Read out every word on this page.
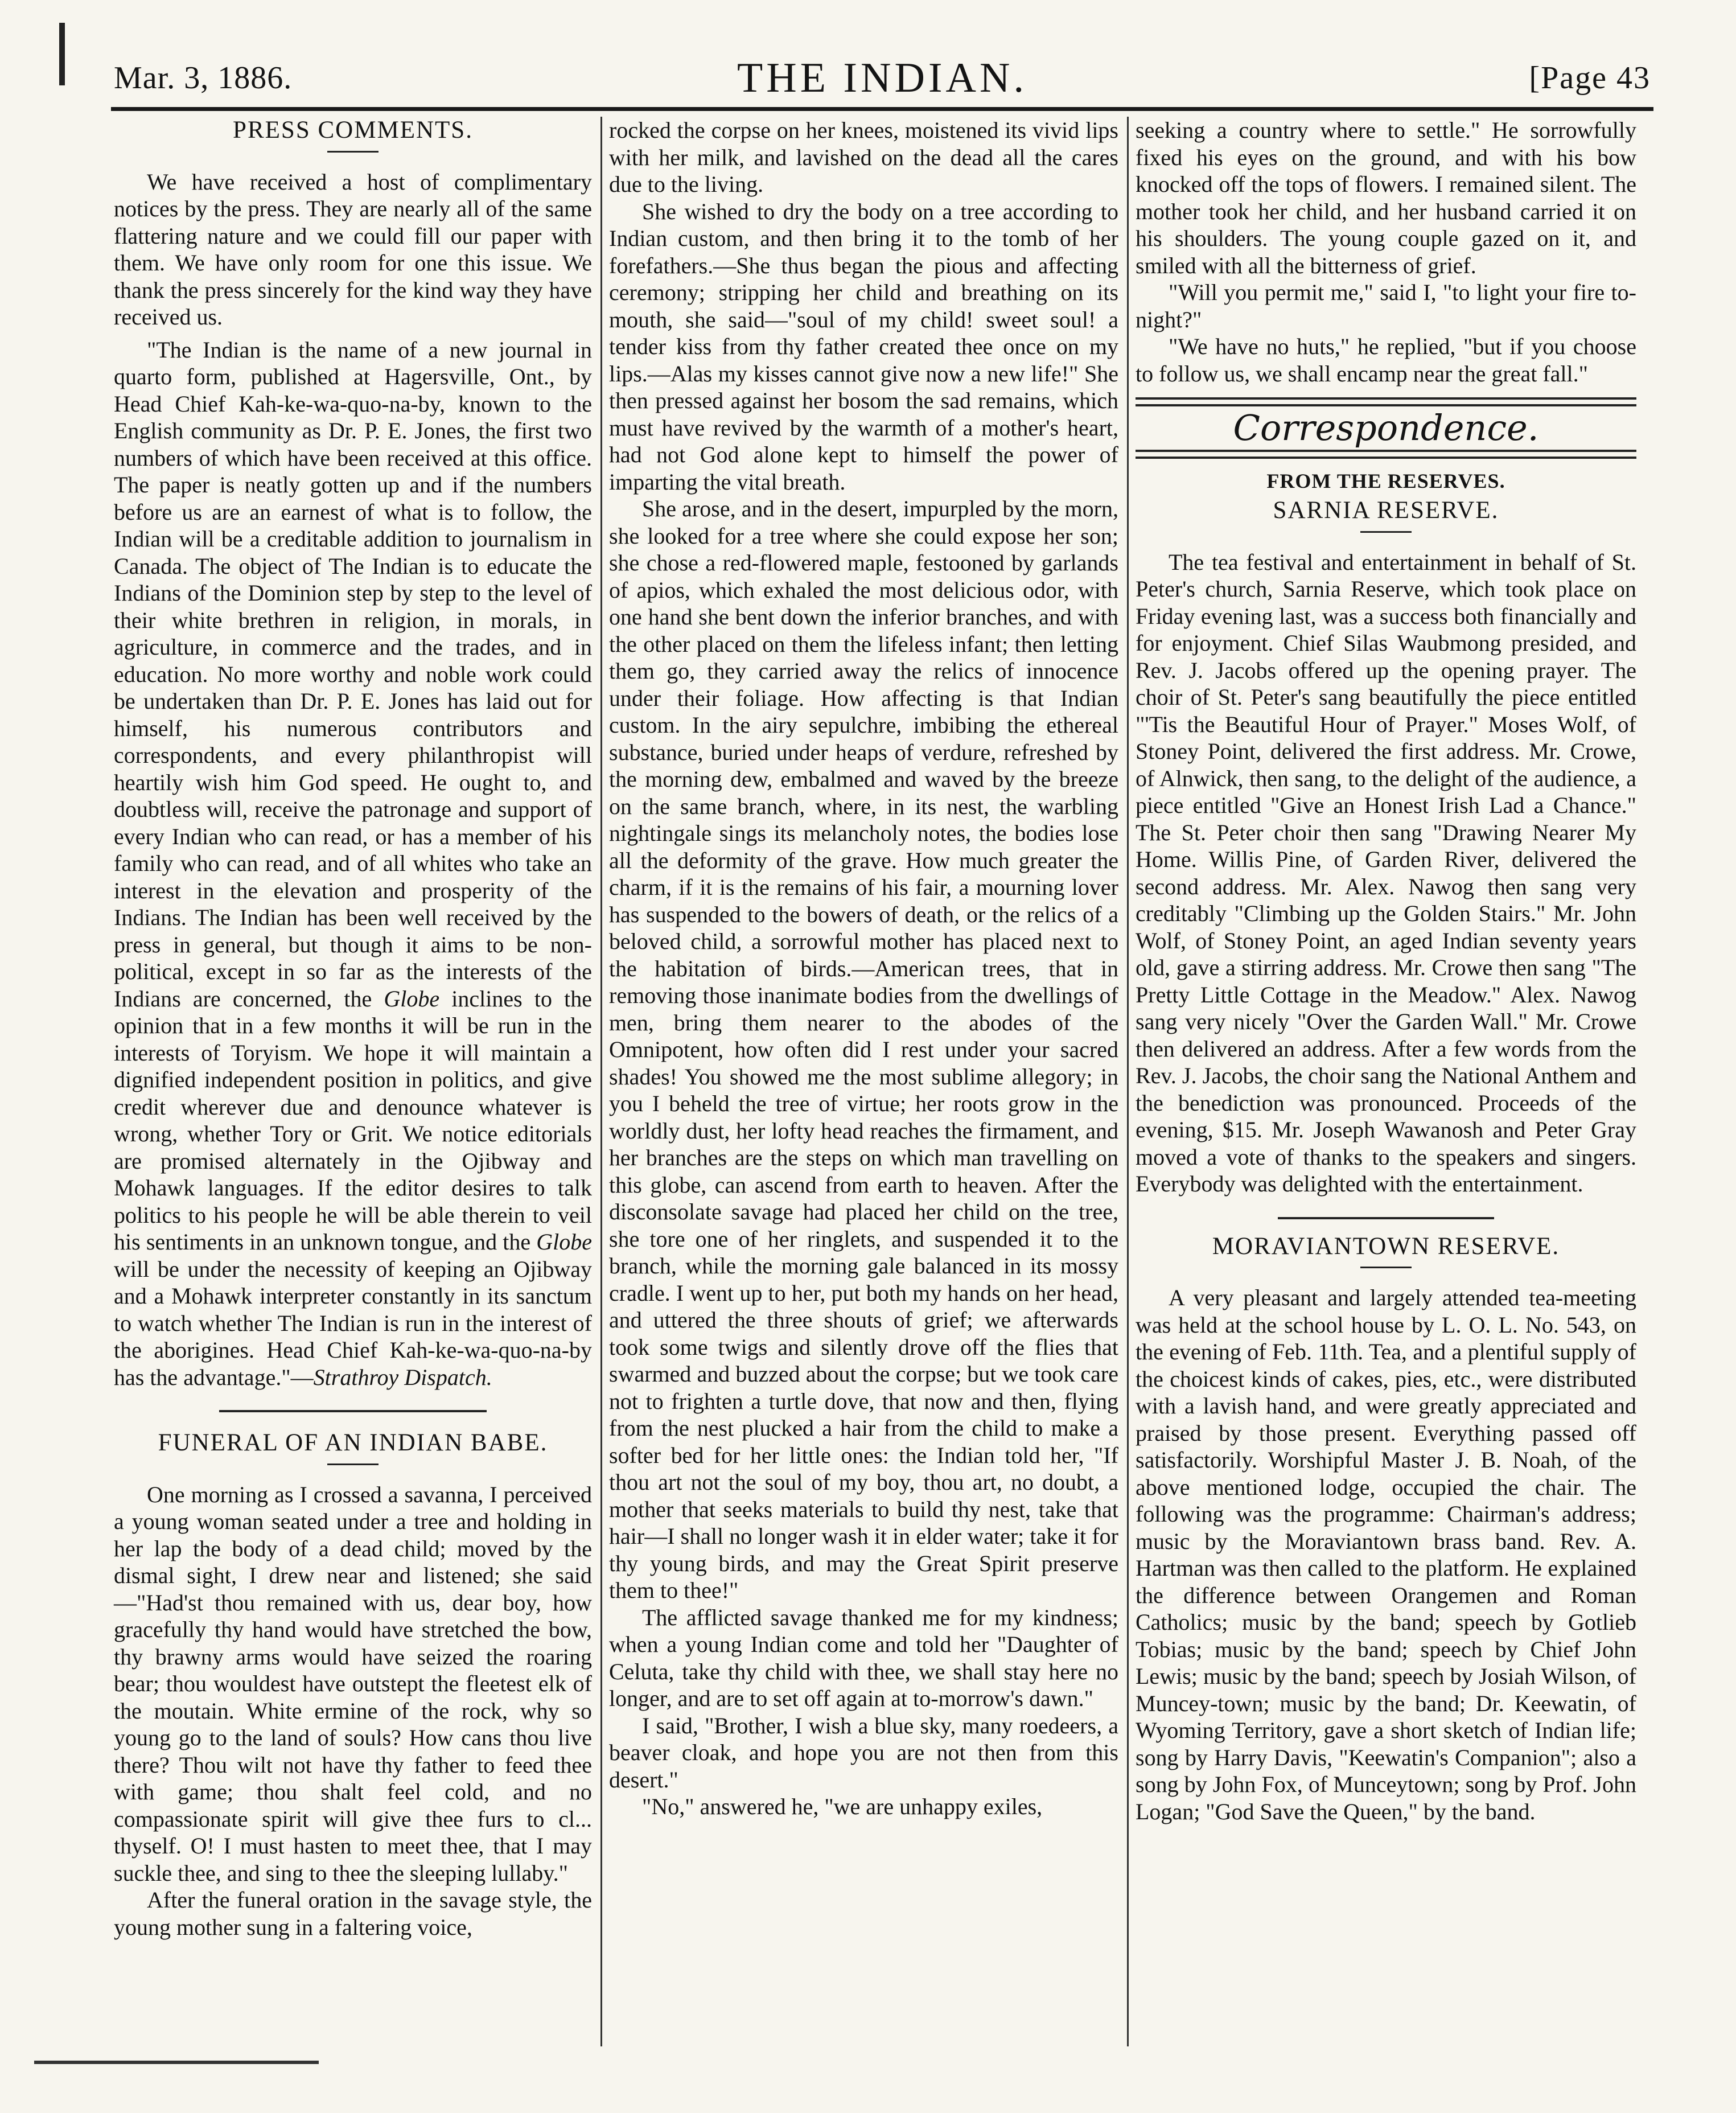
Mar. 3, 1886.	THE INDIAN.	[Page 43
PRESS COMMENTS.

We have received a host of complimentary notices by the press. They are nearly all of the same flattering nature and we could fill our paper with them. We have only room for one this issue. We thank the press sincerely for the kind way they have received us.

"The Indian is the name of a new journal in quarto form, published at Hagersville, Ont., by Head Chief Kah-ke-wa-quo-na-by, known to the English community as Dr. P. E. Jones, the first two numbers of which have been received at this office. The paper is neatly gotten up and if the numbers before us are an earnest of what is to follow, the Indian will be a creditable addition to journalism in Canada. The object of The Indian is to educate the Indians of the Dominion step by step to the level of their white brethren in religion, in morals, in agriculture, in commerce and the trades, and in education. No more worthy and noble work could be undertaken than Dr. P. E. Jones has laid out for himself, his numerous contributors and correspondents, and every philanthropist will heartily wish him God speed. He ought to, and doubtless will, receive the patronage and support of every Indian who can read, or has a member of his family who can read, and of all whites who take an interest in the elevation and prosperity of the Indians. The Indian has been well received by the press in general, but though it aims to be non-political, except in so far as the interests of the Indians are concerned, the Globe inclines to the opinion that in a few months it will be run in the interests of Toryism. We hope it will maintain a dignified independent position in politics, and give credit wherever due and denounce whatever is wrong, whether Tory or Grit. We notice editorials are promised alternately in the Ojibway and Mohawk languages. If the editor desires to talk politics to his people he will be able therein to veil his sentiments in an unknown tongue, and the Globe will be under the necessity of keeping an Ojibway and a Mohawk interpreter constantly in its sanctum to watch whether The Indian is run in the interest of the aborigines. Head Chief Kah-ke-wa-quo-na-by has the advantage."—Strathroy Dispatch.

FUNERAL OF AN INDIAN BABE.

One morning as I crossed a savanna, I perceived a young woman seated under a tree and holding in her lap the body of a dead child; moved by the dismal sight, I drew near and listened; she said—"Had'st thou remained with us, dear boy, how gracefully thy hand would have stretched the bow, thy brawny arms would have seized the roaring bear; thou wouldest have outstept the fleetest elk of the moutain. White ermine of the rock, why so young go to the land of souls? How cans thou live there? Thou wilt not have thy father to feed thee with game; thou shalt feel cold, and no compassionate spirit will give thee furs to cl... thyself. O! I must hasten to meet thee, that I may suckle thee, and sing to thee the sleeping lullaby."

After the funeral oration in the savage style, the young mother sung in a faltering voice,

rocked the corpse on her knees, moistened its vivid lips with her milk, and lavished on the dead all the cares due to the living.

She wished to dry the body on a tree according to Indian custom, and then bring it to the tomb of her forefathers.—She thus began the pious and affecting ceremony; stripping her child and breathing on its mouth, she said—"soul of my child! sweet soul! a tender kiss from thy father created thee once on my lips.—Alas my kisses cannot give now a new life!" She then pressed against her bosom the sad remains, which must have revived by the warmth of a mother's heart, had not God alone kept to himself the power of imparting the vital breath.

She arose, and in the desert, impurpled by the morn, she looked for a tree where she could expose her son; she chose a red-flowered maple, festooned by garlands of apios, which exhaled the most delicious odor, with one hand she bent down the inferior branches, and with the other placed on them the lifeless infant; then letting them go, they carried away the relics of innocence under their foliage. How affecting is that Indian custom. In the airy sepulchre, imbibing the ethereal substance, buried under heaps of verdure, refreshed by the morning dew, embalmed and waved by the breeze on the same branch, where, in its nest, the warbling nightingale sings its melancholy notes, the bodies lose all the deformity of the grave. How much greater the charm, if it is the remains of his fair, a mourning lover has suspended to the bowers of death, or the relics of a beloved child, a sorrowful mother has placed next to the habitation of birds.—American trees, that in removing those inanimate bodies from the dwellings of men, bring them nearer to the abodes of the Omnipotent, how often did I rest under your sacred shades! You showed me the most sublime allegory; in you I beheld the tree of virtue; her roots grow in the worldly dust, her lofty head reaches the firmament, and her branches are the steps on which man travelling on this globe, can ascend from earth to heaven. After the disconsolate savage had placed her child on the tree, she tore one of her ringlets, and suspended it to the branch, while the morning gale balanced in its mossy cradle. I went up to her, put both my hands on her head, and uttered the three shouts of grief; we afterwards took some twigs and silently drove off the flies that swarmed and buzzed about the corpse; but we took care not to frighten a turtle dove, that now and then, flying from the nest plucked a hair from the child to make a softer bed for her little ones: the Indian told her, "If thou art not the soul of my boy, thou art, no doubt, a mother that seeks materials to build thy nest, take that hair—I shall no longer wash it in elder water; take it for thy young birds, and may the Great Spirit preserve them to thee!"

The afflicted savage thanked me for my kindness; when a young Indian come and told her "Daughter of Celuta, take thy child with thee, we shall stay here no longer, and are to set off again at to-morrow's dawn."

I said, "Brother, I wish a blue sky, many roedeers, a beaver cloak, and hope you are not then from this desert."

"No," answered he, "we are unhappy exiles,

seeking a country where to settle." He sorrowfully fixed his eyes on the ground, and with his bow knocked off the tops of flowers. I remained silent. The mother took her child, and her husband carried it on his shoulders. The young couple gazed on it, and smiled with all the bitterness of grief.

"Will you permit me," said I, "to light your fire to-night?"

"We have no huts," he replied, "but if you choose to follow us, we shall encamp near the great fall."

Correspondence.
FROM THE RESERVES.
SARNIA RESERVE.

The tea festival and entertainment in behalf of St. Peter's church, Sarnia Reserve, which took place on Friday evening last, was a success both financially and for enjoyment. Chief Silas Waubmong presided, and Rev. J. Jacobs offered up the opening prayer. The choir of St. Peter's sang beautifully the piece entitled "'Tis the Beautiful Hour of Prayer." Moses Wolf, of Stoney Point, delivered the first address. Mr. Crowe, of Alnwick, then sang, to the delight of the audience, a piece entitled "Give an Honest Irish Lad a Chance." The St. Peter choir then sang "Drawing Nearer My Home. Willis Pine, of Garden River, delivered the second address. Mr. Alex. Nawog then sang very creditably "Climbing up the Golden Stairs." Mr. John Wolf, of Stoney Point, an aged Indian seventy years old, gave a stirring address. Mr. Crowe then sang "The Pretty Little Cottage in the Meadow." Alex. Nawog sang very nicely "Over the Garden Wall." Mr. Crowe then delivered an address. After a few words from the Rev. J. Jacobs, the choir sang the National Anthem and the benediction was pronounced. Proceeds of the evening, $15. Mr. Joseph Wawanosh and Peter Gray moved a vote of thanks to the speakers and singers. Everybody was delighted with the entertainment.

MORAVIANTOWN RESERVE.

A very pleasant and largely attended tea-meeting was held at the school house by L. O. L. No. 543, on the evening of Feb. 11th. Tea, and a plentiful supply of the choicest kinds of cakes, pies, etc., were distributed with a lavish hand, and were greatly appreciated and praised by those present. Everything passed off satisfactorily. Worshipful Master J. B. Noah, of the above mentioned lodge, occupied the chair. The following was the programme: Chairman's address; music by the Moraviantown brass band. Rev. A. Hartman was then called to the platform. He explained the difference between Orangemen and Roman Catholics; music by the band; speech by Gotlieb Tobias; music by the band; speech by Chief John Lewis; music by the band; speech by Josiah Wilson, of Muncey-town; music by the band; Dr. Keewatin, of Wyoming Territory, gave a short sketch of Indian life; song by Harry Davis, "Keewatin's Companion"; also a song by John Fox, of Munceytown; song by Prof. John Logan; "God Save the Queen," by the band.
